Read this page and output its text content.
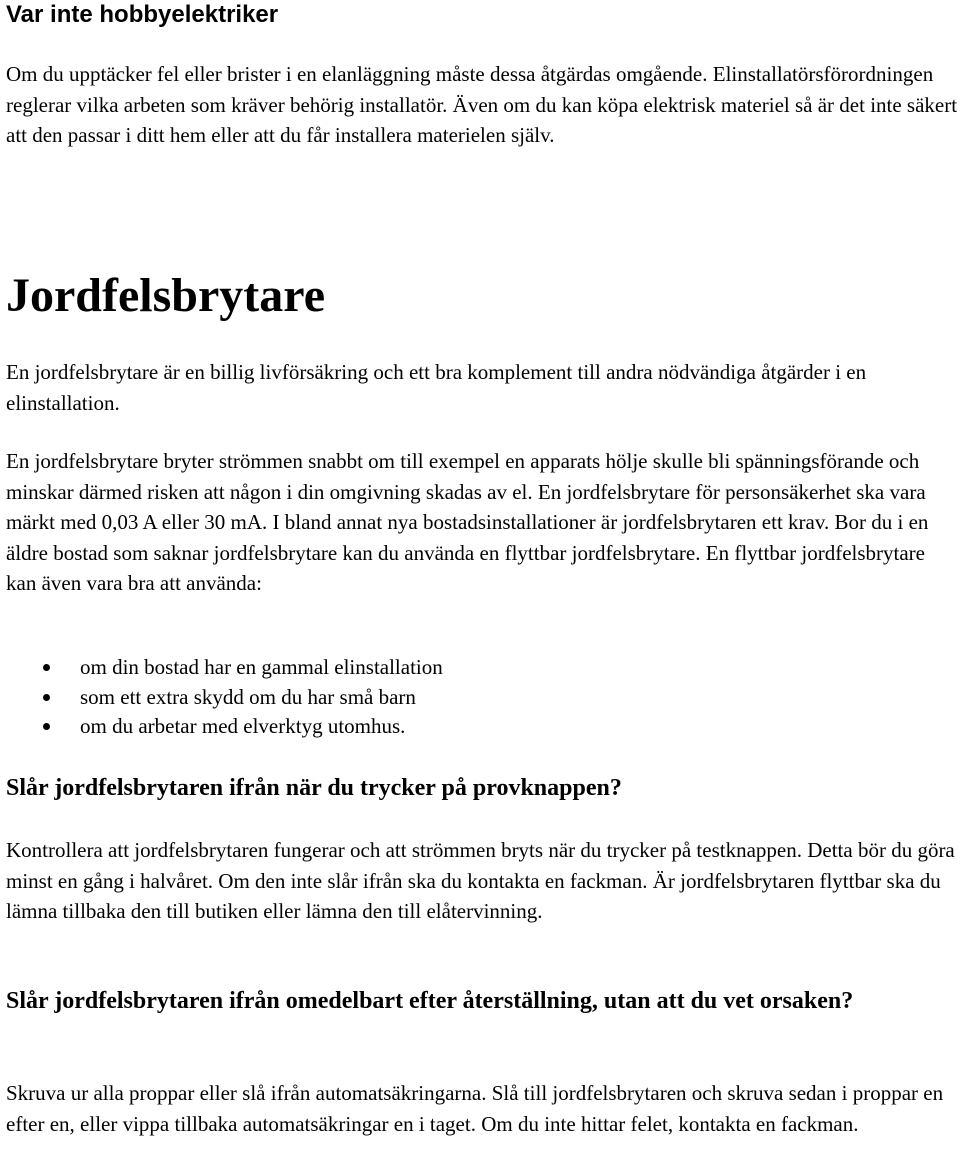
Var inte hobbyelektriker

Om du upptäcker fel eller brister i en elanläggning måste dessa åtgärdas omgående. Elinstallatörsförordningen reglerar vilka arbeten som kräver behörig installatör. Även om du kan köpa elektrisk materiel så är det inte säkert att den passar i ditt hem eller att du får installera materielen själv.

Jordfelsbrytare

En jordfelsbrytare är en billig livförsäkring och ett bra komplement till andra nödvändiga åtgärder i en elinstallation.

En jordfelsbrytare bryter strömmen snabbt om till exempel en apparats hölje skulle bli spänningsförande och minskar därmed risken att någon i din omgivning skadas av el. En jordfelsbrytare för personsäkerhet ska vara märkt med 0,03 A eller 30 mA. I bland annat nya bostadsinstallationer är jordfelsbrytaren ett krav. Bor du i en äldre bostad som saknar jordfelsbrytare kan du använda en flyttbar jordfelsbrytare. En flyttbar jordfelsbrytare kan även vara bra att använda:

om din bostad har en gammal elinstallation
som ett extra skydd om du har små barn
om du arbetar med elverktyg utomhus.
Slår jordfelsbrytaren ifrån när du trycker på provknappen?

Kontrollera att jordfelsbrytaren fungerar och att strömmen bryts när du trycker på testknappen. Detta bör du göra minst en gång i halvåret. Om den inte slår ifrån ska du kontakta en fackman. Är jordfelsbrytaren flyttbar ska du lämna tillbaka den till butiken eller lämna den till elåtervinning.

Slår jordfelsbrytaren ifrån omedelbart efter återställning, utan att du vet orsaken?

Skruva ur alla proppar eller slå ifrån automatsäkringarna. Slå till jordfelsbrytaren och skruva sedan i proppar en efter en, eller vippa tillbaka automatsäkringar en i taget. Om du inte hittar felet, kontakta en fackman.
